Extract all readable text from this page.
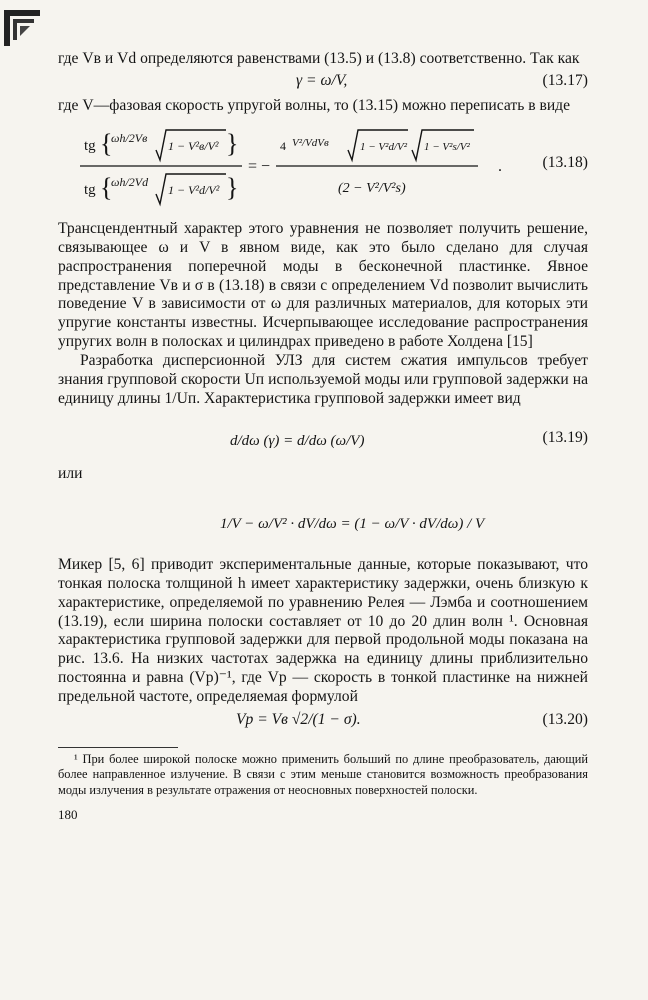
где Vв и Vd определяются равенствами (13.5) и (13.8) соответственно. Так как

γ = ω/V,	(13.17)

где V—фазовая скорость упругой волны, то (13.15) можно переписать в виде

tg {
ωh/2Vв
1 − V²в/V² }
tg {
ωh/2Vd
1 − V²d/V² }
= −
4 V²/VdVв	1 − V²d/V² 1 − V²s/V²
(2 − V²/V²s)
.	(13.18)

Трансцендентный характер этого уравнения не позволяет получить решение, связывающее ω и V в явном виде, как это было сделано для случая распространения поперечной моды в бесконечной пластинке. Явное представление Vв и σ в (13.18) в связи с определением Vd позволит вычислить поведение V в зависимости от ω для различных материалов, для которых эти упругие константы известны. Исчерпывающее исследование распространения упругих волн в полосках и цилиндрах приведено в работе Холдена [15]

Разработка дисперсионной УЛЗ для систем сжатия импульсов требует знания групповой скорости Uп используемой моды или групповой задержки на единицу длины 1/Uп. Характеристика групповой задержки имеет вид

d/dω (γ) = d/dω (ω/V)	(13.19)

или

1/V − ω/V² · dV/dω = (1 − ω/V · dV/dω) / V

Микер [5, 6] приводит экспериментальные данные, которые показывают, что тонкая полоска толщиной h имеет характеристику задержки, очень близкую к характеристике, определяемой по уравнению Релея — Лэмба и соотношением (13.19), если ширина полоски составляет от 10 до 20 длин волн ¹. Основная характеристика групповой задержки для первой продольной моды показана на рис. 13.6. На низких частотах задержка на единицу длины приблизительно постоянна и равна (Vp)⁻¹, где Vp — скорость в тонкой пластинке на нижней предельной частоте, определяемая формулой

Vp = Vв √2/(1 − σ).	(13.20)

¹ При более широкой полоске можно применить больший по длине преобразователь, дающий более направленное излучение. В связи с этим меньше становится возможность преобразования моды излучения в результате отражения от неосновных поверхностей полоски.

180
